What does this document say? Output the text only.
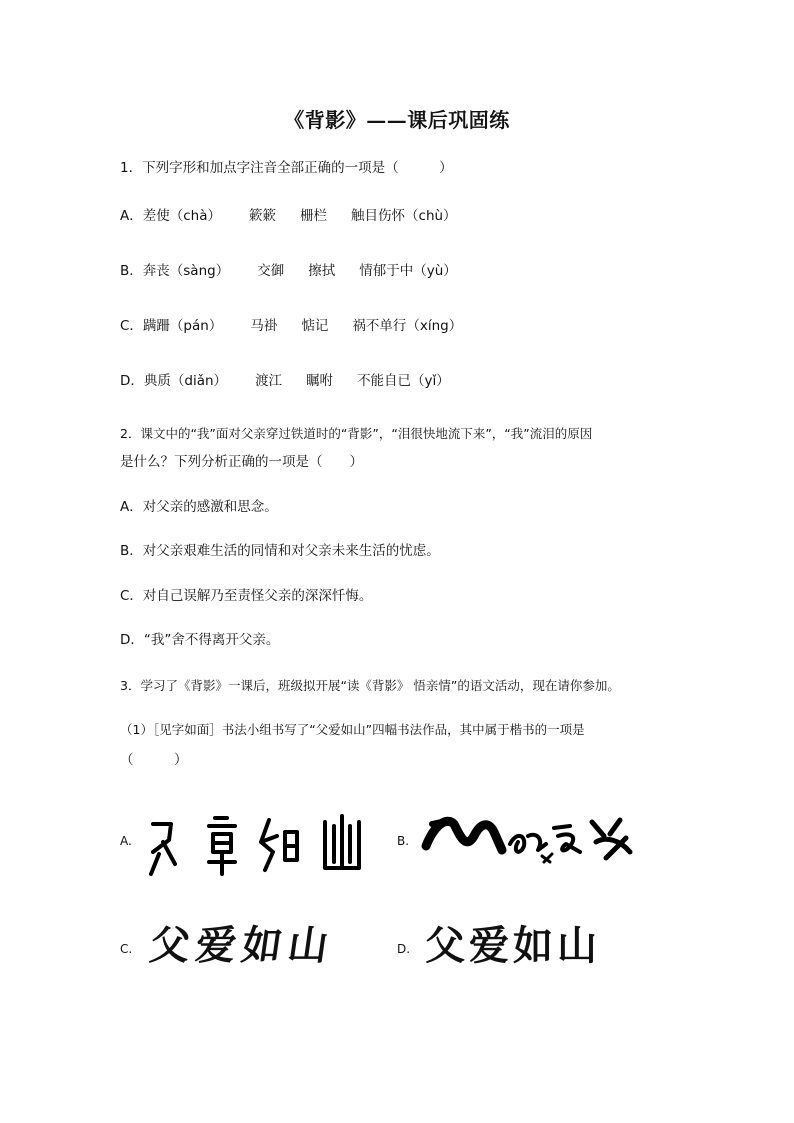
《背影》——课后巩固练
1．下列字形和加点字注音全部正确的一项是（　　　）
A．差使（chà） 簌簌 栅栏 触目伤怀（chù）
B．奔丧（sàng） 交御 擦拭 情郁于中（yù）
C．蹒跚（pán） 马褂 惦记 祸不单行（xíng）
D．典质（diǎn） 渡江 瞩咐 不能自已（yǐ）
2．课文中的“我”面对父亲穿过铁道时的“背影”，“泪很快地流下来”，“我”流泪的原因
是什么？下列分析正确的一项是（　　）
A．对父亲的感激和思念。
B．对父亲艰难生活的同情和对父亲未来生活的忧虑。
C．对自己误解乃至责怪父亲的深深忏悔。
D．“我”舍不得离开父亲。
3．学习了《背影》一课后，班级拟开展“读《背影》 悟亲情”的语文活动，现在请你参加。
（1）［见字如面］书法小组书写了“父爱如山”四幅书法作品，其中属于楷书的一项是
（　　　）
A.	B.
C. 父爱如山	D. 父爱如山
